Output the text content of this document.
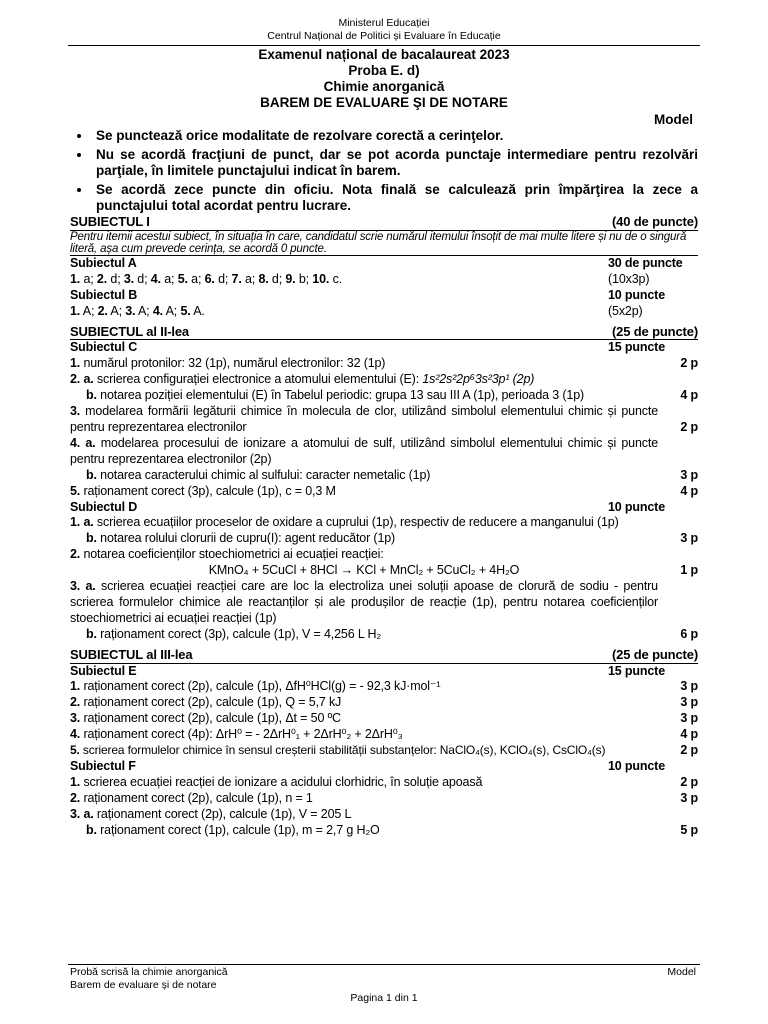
Ministerul Educației
Centrul Național de Politici și Evaluare în Educație
Examenul național de bacalaureat 2023
Proba E. d)
Chimie anorganică
BAREM DE EVALUARE ŞI DE NOTARE
Model
• Se punctează orice modalitate de rezolvare corectă a cerinţelor.
• Nu se acordă fracţiuni de punct, dar se pot acorda punctaje intermediare pentru rezolvări parţiale, în limitele punctajului indicat în barem.
• Se acordă zece puncte din oficiu. Nota finală se calculează prin împărţirea la zece a punctajului total acordat pentru lucrare.
SUBIECTUL I	(40 de puncte)
Pentru itemii acestui subiect, în situația în care, candidatul scrie numărul itemului însoțit de mai multe litere și nu de o singură literă, așa cum prevede cerința, se acordă 0 puncte.
Subiectul A	30 de puncte
1. a; 2. d; 3. d; 4. a; 5. a; 6. d; 7. a; 8. d; 9. b; 10. c.	(10x3p)
Subiectul B	10 puncte
1. A; 2. A; 3. A; 4. A; 5. A.	(5x2p)
SUBIECTUL al II-lea	(25 de puncte)
Subiectul C	15 puncte
1. numărul protonilor: 32 (1p), numărul electronilor: 32 (1p)	2 p
2. a. scrierea configurației electronice a atomului elementului (E): 1s²2s²2p⁶3s²3p¹ (2p)
b. notarea poziției elementului (E) în Tabelul periodic: grupa 13 sau III A (1p), perioada 3 (1p)	4 p
3. modelarea formării legăturii chimice în molecula de clor, utilizând simbolul elementului chimic și puncte pentru reprezentarea electronilor	2 p
4. a. modelarea procesului de ionizare a atomului de sulf, utilizând simbolul elementului chimic și puncte pentru reprezentarea electronilor (2p)
b. notarea caracterului chimic al sulfului: caracter nemetalic (1p)	3 p
5. raționament corect (3p), calcule (1p), c = 0,3 M	4 p
Subiectul D	10 puncte
1. a. scrierea ecuațiilor proceselor de oxidare a cuprului (1p), respectiv de reducere a manganului (1p)
b. notarea rolului clorurii de cupru(I): agent reducător (1p)	3 p
2. notarea coeficienților stoechiometrici ai ecuației reacției:
KMnO₄ + 5CuCl + 8HCl → KCl + MnCl₂ + 5CuCl₂ + 4H₂O	1 p
3. a. scrierea ecuației reacției care are loc la electroliza unei soluții apoase de clorură de sodiu - pentru scrierea formulelor chimice ale reactanților și ale produșilor de reacție (1p), pentru notarea coeficienților stoechiometrici ai ecuației reacției (1p)
b. raționament corect (3p), calcule (1p), V = 4,256 L H₂	6 p
SUBIECTUL al III-lea	(25 de puncte)
Subiectul E	15 puncte
1. raționament corect (2p), calcule (1p), ΔfH⁰HCl(g) = - 92,3 kJ·mol⁻¹	3 p
2. raționament corect (2p), calcule (1p), Q = 5,7 kJ	3 p
3. raționament corect (2p), calcule (1p), Δt = 50 ºC	3 p
4. raționament corect (4p): ΔrH⁰ = - 2ΔrH⁰₁ + 2ΔrH⁰₂ + 2ΔrH⁰₃	4 p
5. scrierea formulelor chimice în sensul creșterii stabilității substanțelor: NaClO₄(s), KClO₄(s), CsClO₄(s)	2 p
Subiectul F	10 puncte
1. scrierea ecuației reacției de ionizare a acidului clorhidric, în soluție apoasă	2 p
2. raționament corect (2p), calcule (1p), n = 1	3 p
3. a. raționament corect (2p), calcule (1p), V = 205 L
b. raționament corect (1p), calcule (1p), m = 2,7 g H₂O	5 p
Probă scrisă la chimie anorganică
Barem de evaluare și de notare
Model
Pagina 1 din 1
